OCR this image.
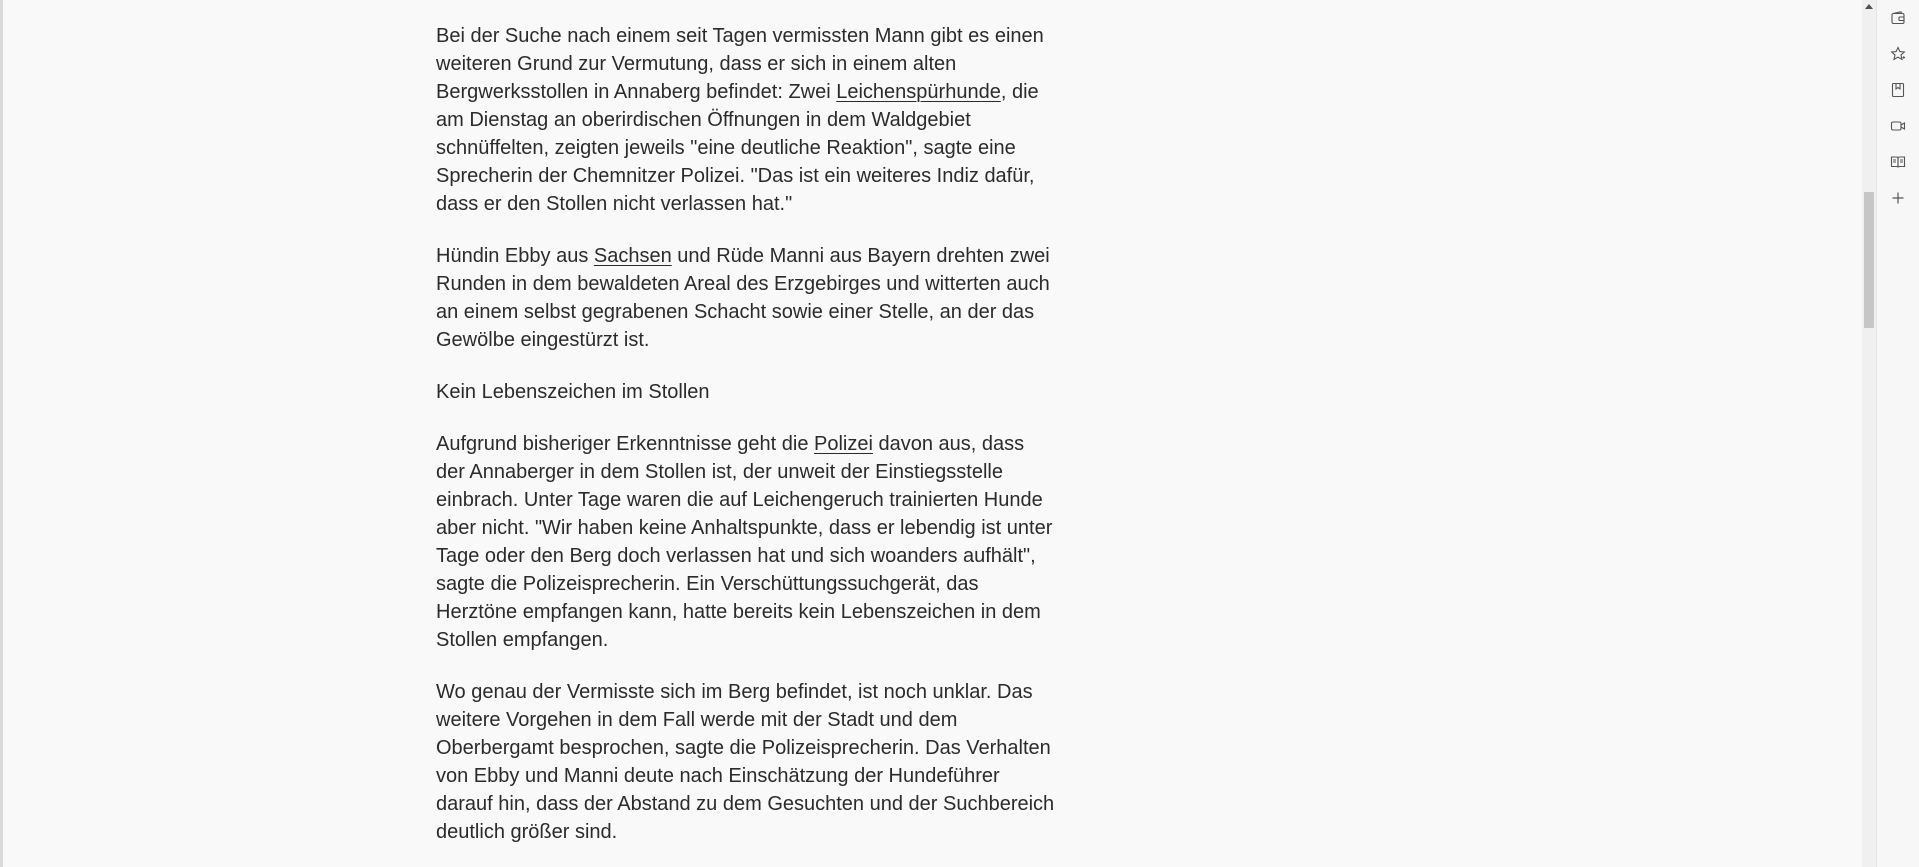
Bei der Suche nach einem seit Tagen vermissten Mann gibt es einen weiteren Grund zur Vermutung, dass er sich in einem alten Bergwerksstollen in Annaberg befindet: Zwei Leichenspürhunde, die am Dienstag an oberirdischen Öffnungen in dem Waldgebiet schnüffelten, zeigten jeweils "eine deutliche Reaktion", sagte eine Sprecherin der Chemnitzer Polizei. "Das ist ein weiteres Indiz dafür, dass er den Stollen nicht verlassen hat."

Hündin Ebby aus Sachsen und Rüde Manni aus Bayern drehten zwei Runden in dem bewaldeten Areal des Erzgebirges und witterten auch an einem selbst gegrabenen Schacht sowie einer Stelle, an der das Gewölbe eingestürzt ist.

Kein Lebenszeichen im Stollen

Aufgrund bisheriger Erkenntnisse geht die Polizei davon aus, dass der Annaberger in dem Stollen ist, der unweit der Einstiegsstelle einbrach. Unter Tage waren die auf Leichengeruch trainierten Hunde aber nicht. "Wir haben keine Anhaltspunkte, dass er lebendig ist unter Tage oder den Berg doch verlassen hat und sich woanders aufhält", sagte die Polizeisprecherin. Ein Verschüttungssuchgerät, das Herztöne empfangen kann, hatte bereits kein Lebenszeichen in dem Stollen empfangen.

Wo genau der Vermisste sich im Berg befindet, ist noch unklar. Das weitere Vorgehen in dem Fall werde mit der Stadt und dem Oberbergamt besprochen, sagte die Polizeisprecherin. Das Verhalten von Ebby und Manni deute nach Einschätzung der Hundeführer darauf hin, dass der Abstand zu dem Gesuchten und der Suchbereich deutlich größer sind.
